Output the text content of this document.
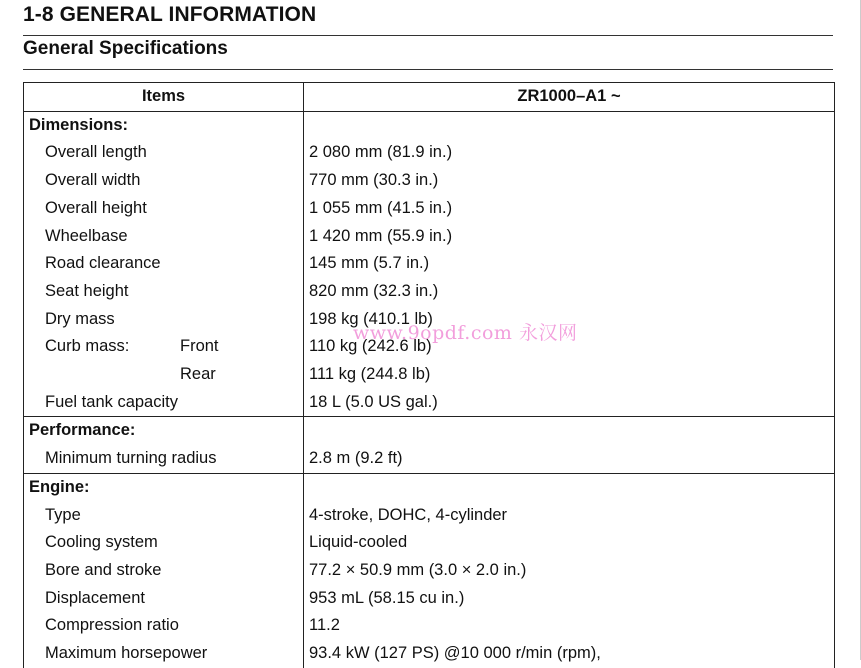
1-8 GENERAL INFORMATION
General Specifications
Items	ZR1000–A1 ~
Dimensions:	
Overall length	2 080 mm (81.9 in.)
Overall width	770 mm (30.3 in.)
Overall height	1 055 mm (41.5 in.)
Wheelbase	1 420 mm (55.9 in.)
Road clearance	145 mm (5.7 in.)
Seat height	820 mm (32.3 in.)
Dry mass	198 kg (410.1 lb)
Curb mass: Front	110 kg (242.6 lb)
Rear	111 kg (244.8 lb)
Fuel tank capacity	18 L (5.0 US gal.)
Performance:	
Minimum turning radius	2.8 m (9.2 ft)
Engine:	
Type	4-stroke, DOHC, 4-cylinder
Cooling system	Liquid-cooled
Bore and stroke	77.2 × 50.9 mm (3.0 × 2.0 in.)
Displacement	953 mL (58.15 cu in.)
Compression ratio	11.2
Maximum horsepower	93.4 kW (127 PS) @10 000 r/min (rpm),
www.9opdf.com 永汉网
